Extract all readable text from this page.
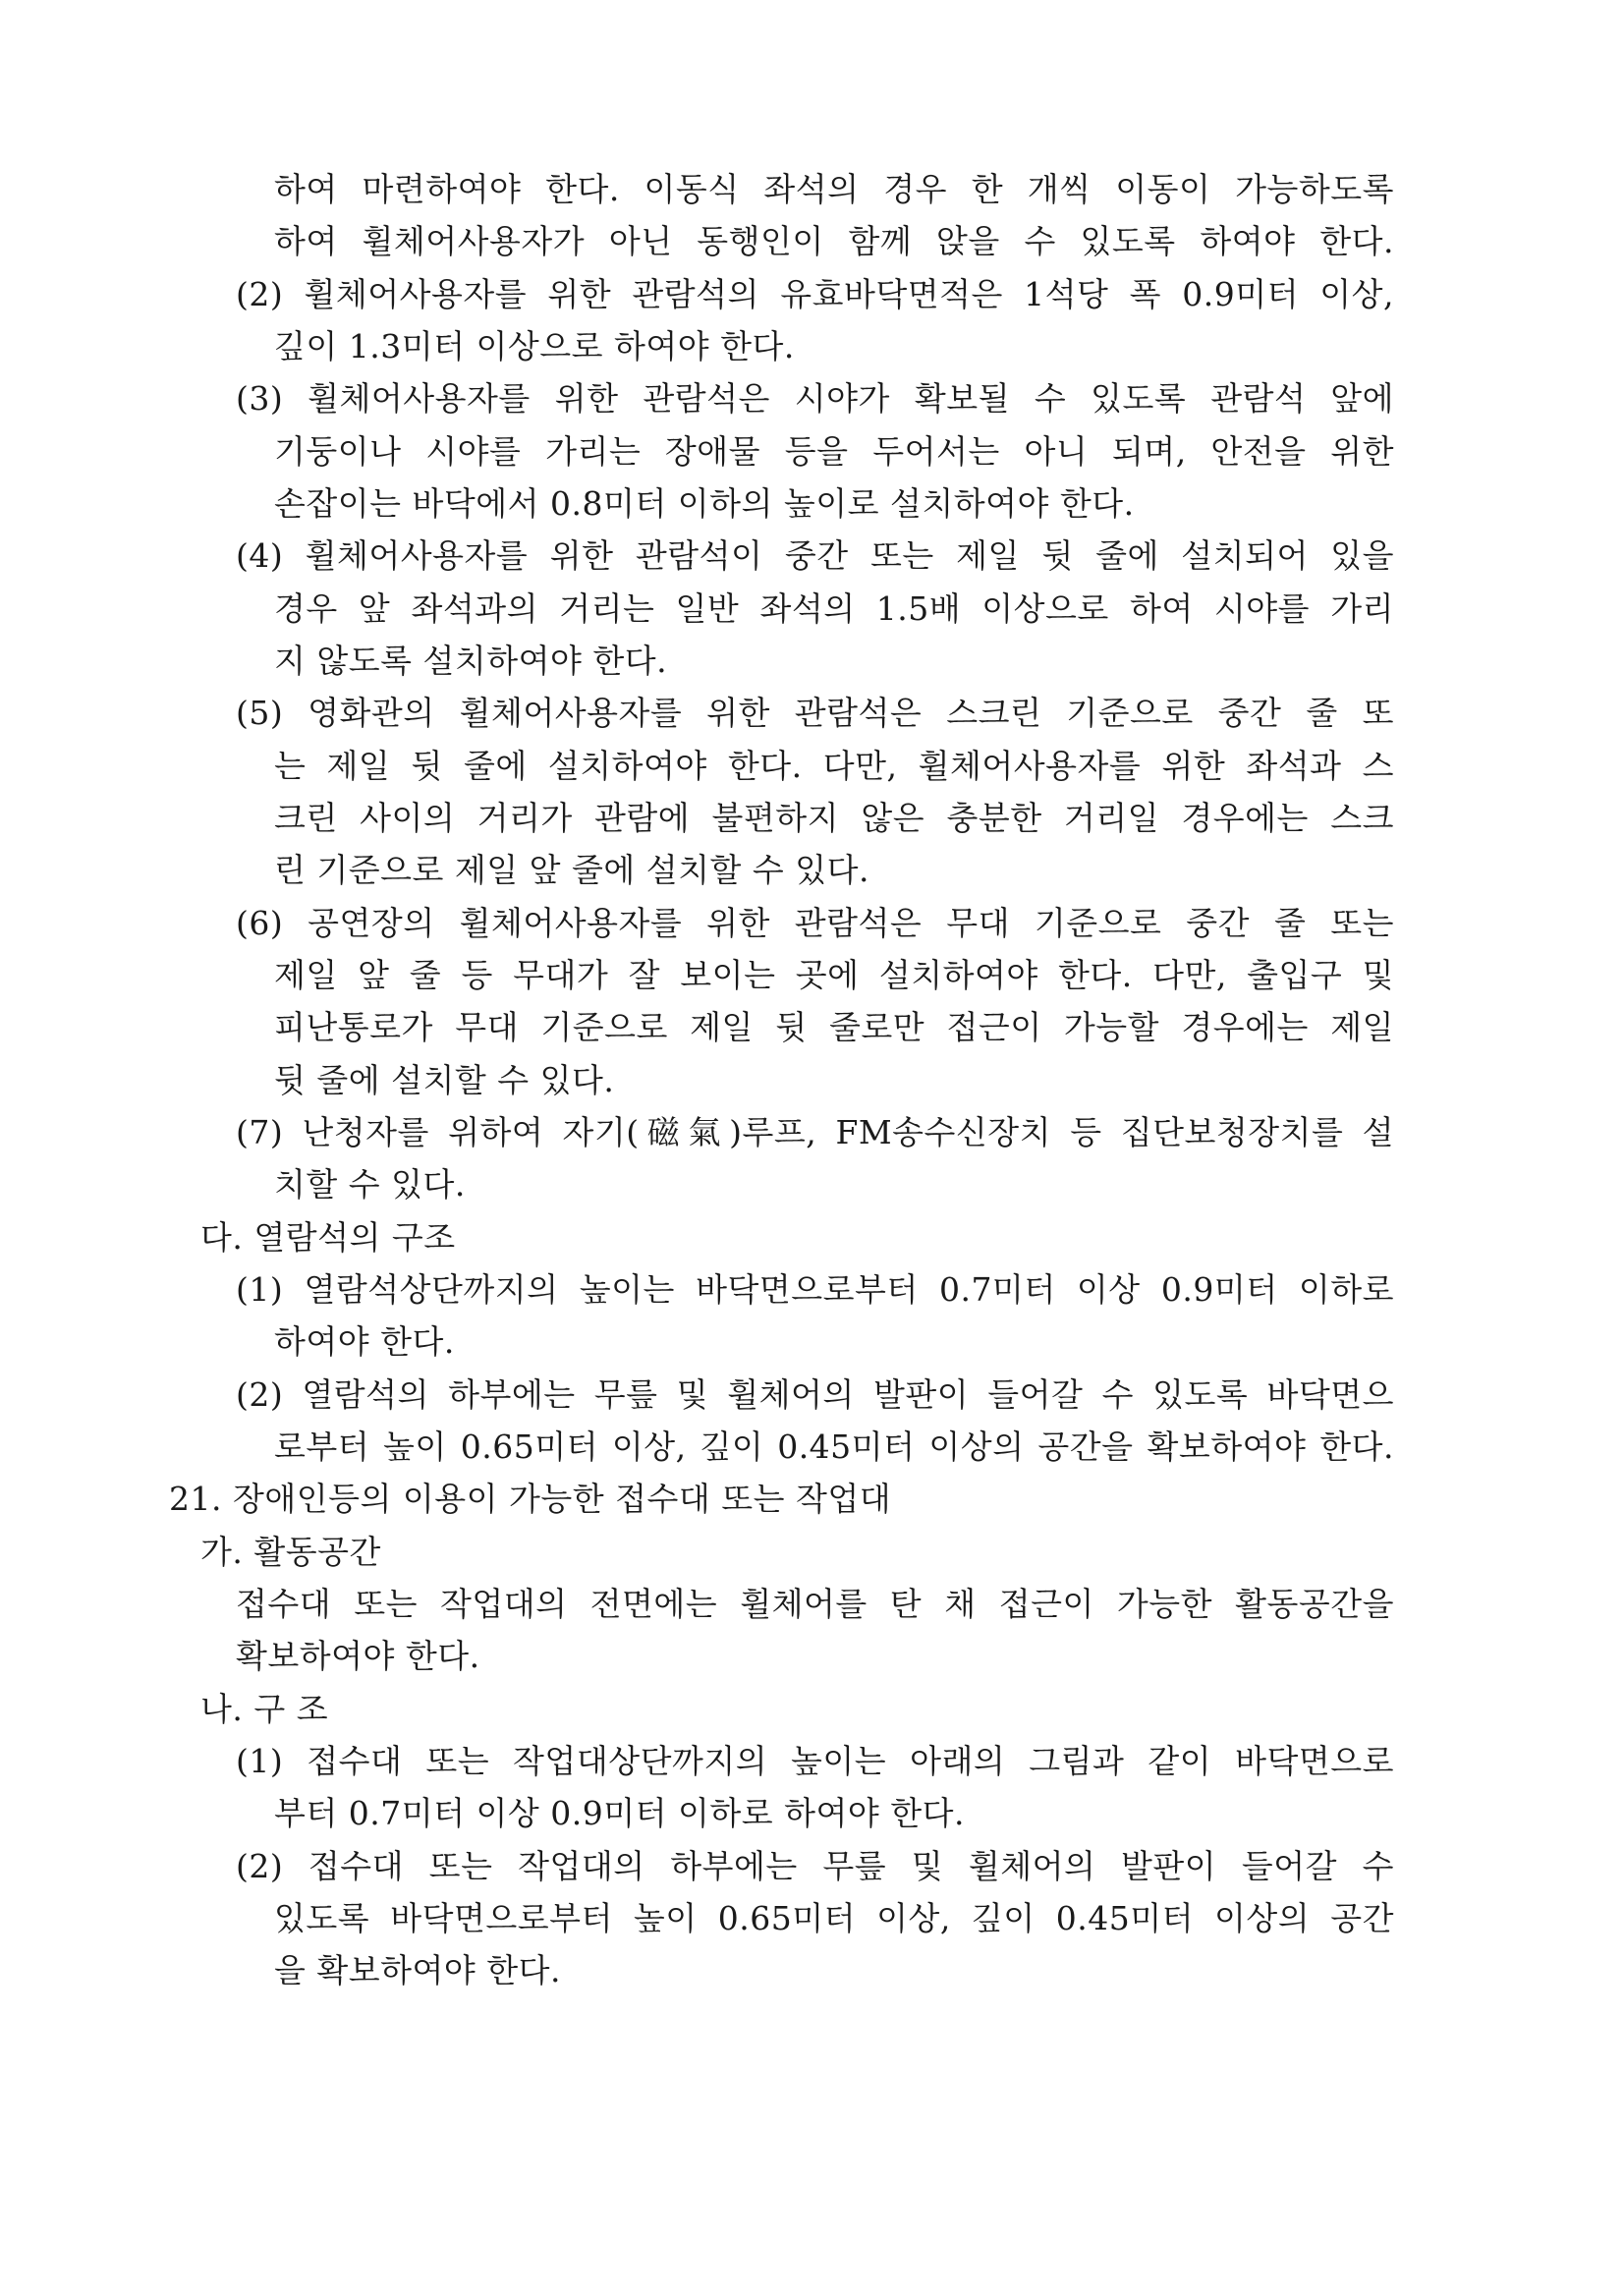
하여 마련하여야 한다. 이동식 좌석의 경우 한 개씩 이동이 가능하도록
하여 휠체어사용자가 아닌 동행인이 함께 앉을 수 있도록 하여야 한다.
(2) 휠체어사용자를 위한 관람석의 유효바닥면적은 1석당 폭 0.9미터 이상,
깊이 1.3미터 이상으로 하여야 한다.
(3) 휠체어사용자를 위한 관람석은 시야가 확보될 수 있도록 관람석 앞에
기둥이나 시야를 가리는 장애물 등을 두어서는 아니 되며, 안전을 위한
손잡이는 바닥에서 0.8미터 이하의 높이로 설치하여야 한다.
(4) 휠체어사용자를 위한 관람석이 중간 또는 제일 뒷 줄에 설치되어 있을
경우 앞 좌석과의 거리는 일반 좌석의 1.5배 이상으로 하여 시야를 가리
지 않도록 설치하여야 한다.
(5) 영화관의 휠체어사용자를 위한 관람석은 스크린 기준으로 중간 줄 또
는 제일 뒷 줄에 설치하여야 한다. 다만, 휠체어사용자를 위한 좌석과 스
크린 사이의 거리가 관람에 불편하지 않은 충분한 거리일 경우에는 스크
린 기준으로 제일 앞 줄에 설치할 수 있다.
(6) 공연장의 휠체어사용자를 위한 관람석은 무대 기준으로 중간 줄 또는
제일 앞 줄 등 무대가 잘 보이는 곳에 설치하여야 한다. 다만, 출입구 및
피난통로가 무대 기준으로 제일 뒷 줄로만 접근이 가능할 경우에는 제일
뒷 줄에 설치할 수 있다.
(7) 난청자를 위하여 자기(磁氣)루프, FM송수신장치 등 집단보청장치를 설
치할 수 있다.
다. 열람석의 구조
(1) 열람석상단까지의 높이는 바닥면으로부터 0.7미터 이상 0.9미터 이하로
하여야 한다.
(2) 열람석의 하부에는 무릎 및 휠체어의 발판이 들어갈 수 있도록 바닥면으
로부터 높이 0.65미터 이상, 깊이 0.45미터 이상의 공간을 확보하여야 한다.
21. 장애인등의 이용이 가능한 접수대 또는 작업대
가. 활동공간
접수대 또는 작업대의 전면에는 휠체어를 탄 채 접근이 가능한 활동공간을
확보하여야 한다.
나. 구 조
(1) 접수대 또는 작업대상단까지의 높이는 아래의 그림과 같이 바닥면으로
부터 0.7미터 이상 0.9미터 이하로 하여야 한다.
(2) 접수대 또는 작업대의 하부에는 무릎 및 휠체어의 발판이 들어갈 수
있도록 바닥면으로부터 높이 0.65미터 이상, 깊이 0.45미터 이상의 공간
을 확보하여야 한다.
